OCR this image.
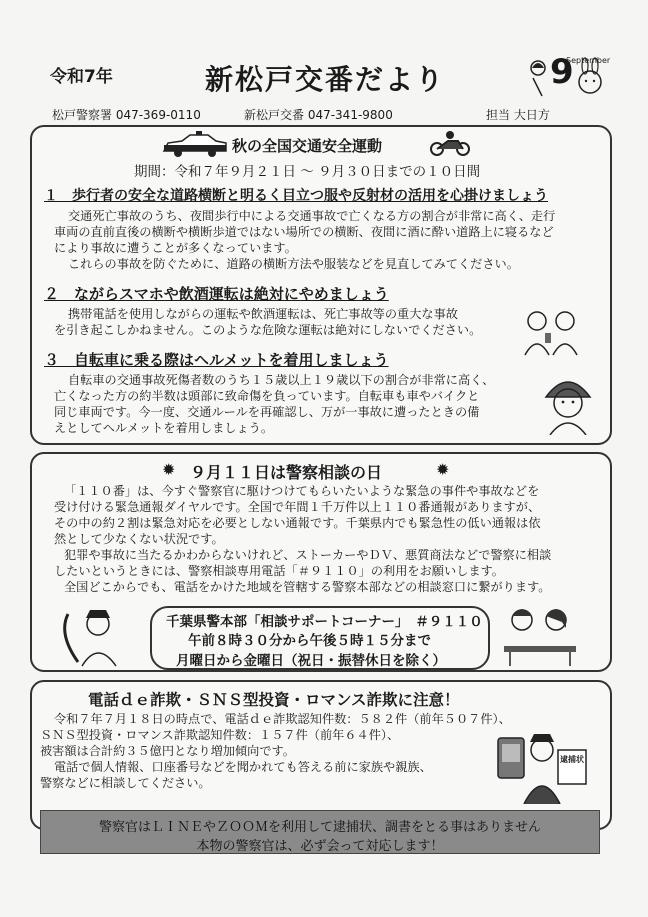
令和7年	新松戸交番だより	9
September
松戸警察署 047-369-0110	新松戸交番 047-341-9800	担当 大日方
秋の全国交通安全運動
期間：令和７年９月２１日 ～ ９月３０日までの１０日間
１　歩行者の安全な道路横断と明るく目立つ服や反射材の活用を心掛けましょう
交通死亡事故のうち、夜間歩行中による交通事故で亡くなる方の割合が非常に高く、走行
車両の直前直後の横断や横断歩道ではない場所での横断、夜間に酒に酔い道路上に寝るなど
により事故に遭うことが多くなっています。
これらの事故を防ぐために、道路の横断方法や服装などを見直してみてください。
２　ながらスマホや飲酒運転は絶対にやめましょう
携帯電話を使用しながらの運転や飲酒運転は、死亡事故等の重大な事故
を引き起こしかねません。このような危険な運転は絶対にしないでください。
３　自転車に乗る際はヘルメットを着用しましょう
自転車の交通事故死傷者数のうち１５歳以上１９歳以下の割合が非常に高く、
亡くなった方の約半数は頭部に致命傷を負っています。自転車も車やバイクと
同じ車両です。今一度、交通ルールを再確認し、万が一事故に遭ったときの備
えとしてヘルメットを着用しましょう。
✹ ９月１１日は警察相談の日	✹
「１１０番」は、今すぐ警察官に駆けつけてもらいたいような緊急の事件や事故などを
受け付ける緊急通報ダイヤルです。全国で年間１千万件以上１１０番通報がありますが、
その中の約２割は緊急対応を必要としない通報です。千葉県内でも緊急性の低い通報は依
然として少なくない状況です。
犯罪や事故に当たるかわからないけれど、ストーカーやＤＶ、悪質商法などで警察に相談
したいというときには、警察相談専用電話「＃９１１０」の利用をお願いします。
全国どこからでも、電話をかけた地域を管轄する警察本部などの相談窓口に繋がります。
千葉県警本部「相談サポートコーナー」　＃９１１０
午前８時３０分から午後５時１５分まで
月曜日から金曜日（祝日・振替休日を除く）
電話ｄｅ詐欺・ＳＮＳ型投資・ロマンス詐欺に注意！
令和７年７月１８日の時点で、電話ｄｅ詐欺認知件数：５８２件（前年５０７件）、
ＳＮＳ型投資・ロマンス詐欺認知件数：１５７件（前年６４件）、
被害額は合計約３５億円となり増加傾向です。
電話で個人情報、口座番号などを聞かれても答える前に家族や親族、
警察などに相談してください。
逮捕状
警察官はＬＩＮＥやＺＯＯＭを利用して逮捕状、調書をとる事はありません
本物の警察官は、必ず会って対応します！
